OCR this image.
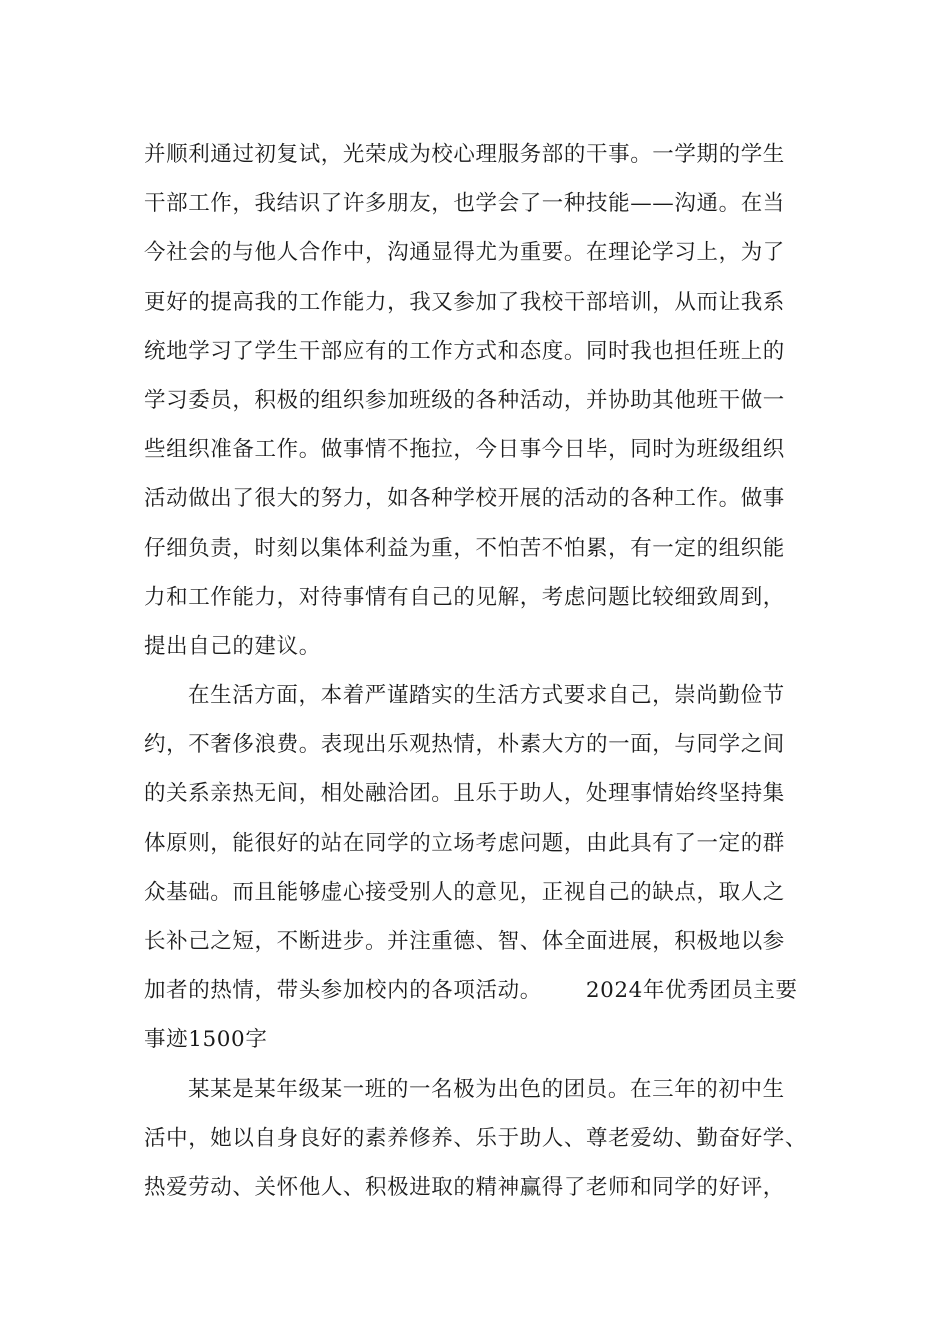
并顺利通过初复试，光荣成为校心理服务部的干事。一学期的学生
干部工作，我结识了许多朋友，也学会了一种技能——沟通。在当
今社会的与他人合作中，沟通显得尤为重要。在理论学习上，为了
更好的提高我的工作能力，我又参加了我校干部培训，从而让我系
统地学习了学生干部应有的工作方式和态度。同时我也担任班上的
学习委员，积极的组织参加班级的各种活动，并协助其他班干做一
些组织准备工作。做事情不拖拉，今日事今日毕，同时为班级组织
活动做出了很大的努力，如各种学校开展的活动的各种工作。做事
仔细负责，时刻以集体利益为重，不怕苦不怕累，有一定的组织能
力和工作能力，对待事情有自己的见解，考虑问题比较细致周到，
提出自己的建议。
在生活方面，本着严谨踏实的生活方式要求自己，崇尚勤俭节
约，不奢侈浪费。表现出乐观热情，朴素大方的一面，与同学之间
的关系亲热无间，相处融洽团。且乐于助人，处理事情始终坚持集
体原则，能很好的站在同学的立场考虑问题，由此具有了一定的群
众基础。而且能够虚心接受别人的意见，正视自己的缺点，取人之
长补己之短，不断进步。并注重德、智、体全面进展，积极地以参
加者的热情，带头参加校内的各项活动。 2024年优秀团员主要
事迹1500字
某某是某年级某一班的一名极为出色的团员。在三年的初中生
活中，她以自身良好的素养修养、乐于助人、尊老爱幼、勤奋好学、
热爱劳动、关怀他人、积极进取的精神赢得了老师和同学的好评，
